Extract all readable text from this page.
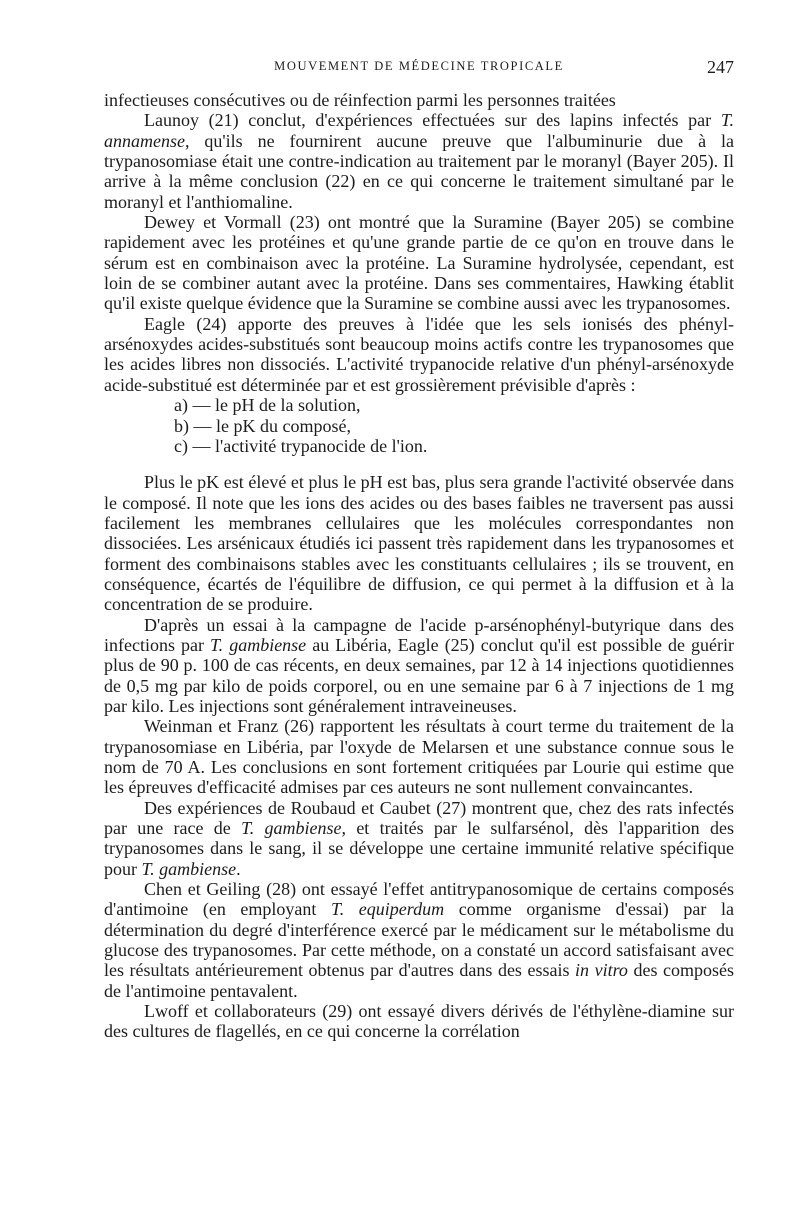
MOUVEMENT DE MÉDECINE TROPICALE	247

infectieuses consécutives ou de réinfection parmi les personnes traitées

Launoy (21) conclut, d'expériences effectuées sur des lapins infectés par T. annamense, qu'ils ne fournirent aucune preuve que l'albuminurie due à la trypanosomiase était une contre-indication au traitement par le moranyl (Bayer 205). Il arrive à la même conclusion (22) en ce qui concerne le traitement simultané par le moranyl et l'anthiomaline.

Dewey et Vormall (23) ont montré que la Suramine (Bayer 205) se combine rapidement avec les protéines et qu'une grande partie de ce qu'on en trouve dans le sérum est en combinaison avec la protéine. La Suramine hydrolysée, cependant, est loin de se combiner autant avec la protéine. Dans ses commentaires, Hawking établit qu'il existe quelque évidence que la Suramine se combine aussi avec les trypanosomes.

Eagle (24) apporte des preuves à l'idée que les sels ionisés des phényl-arsénoxydes acides-substitués sont beaucoup moins actifs contre les trypanosomes que les acides libres non dissociés. L'activité trypanocide relative d'un phényl-arsénoxyde acide-substitué est déterminée par et est grossièrement prévisible d'après :

a) — le pH de la solution,
b) — le pK du composé,
c) — l'activité trypanocide de l'ion.

Plus le pK est élevé et plus le pH est bas, plus sera grande l'activité observée dans le composé. Il note que les ions des acides ou des bases faibles ne traversent pas aussi facilement les membranes cellulaires que les molécules correspondantes non dissociées. Les arsénicaux étudiés ici passent très rapidement dans les trypanosomes et forment des combinaisons stables avec les constituants cellulaires ; ils se trouvent, en conséquence, écartés de l'équilibre de diffusion, ce qui permet à la diffusion et à la concentration de se produire.

D'après un essai à la campagne de l'acide p-arsénophényl-butyrique dans des infections par T. gambiense au Libéria, Eagle (25) conclut qu'il est possible de guérir plus de 90 p. 100 de cas récents, en deux semaines, par 12 à 14 injections quotidiennes de 0,5 mg par kilo de poids corporel, ou en une semaine par 6 à 7 injections de 1 mg par kilo. Les injections sont généralement intraveineuses.

Weinman et Franz (26) rapportent les résultats à court terme du traitement de la trypanosomiase en Libéria, par l'oxyde de Melarsen et une substance connue sous le nom de 70 A. Les conclusions en sont fortement critiquées par Lourie qui estime que les épreuves d'efficacité admises par ces auteurs ne sont nullement convaincantes.

Des expériences de Roubaud et Caubet (27) montrent que, chez des rats infectés par une race de T. gambiense, et traités par le sulfarsénol, dès l'apparition des trypanosomes dans le sang, il se développe une certaine immunité relative spécifique pour T. gambiense.

Chen et Geiling (28) ont essayé l'effet antitrypanosomique de certains composés d'antimoine (en employant T. equiperdum comme organisme d'essai) par la détermination du degré d'interférence exercé par le médicament sur le métabolisme du glucose des trypanosomes. Par cette méthode, on a constaté un accord satisfaisant avec les résultats antérieurement obtenus par d'autres dans des essais in vitro des composés de l'antimoine pentavalent.

Lwoff et collaborateurs (29) ont essayé divers dérivés de l'éthylène-diamine sur des cultures de flagellés, en ce qui concerne la corrélation
